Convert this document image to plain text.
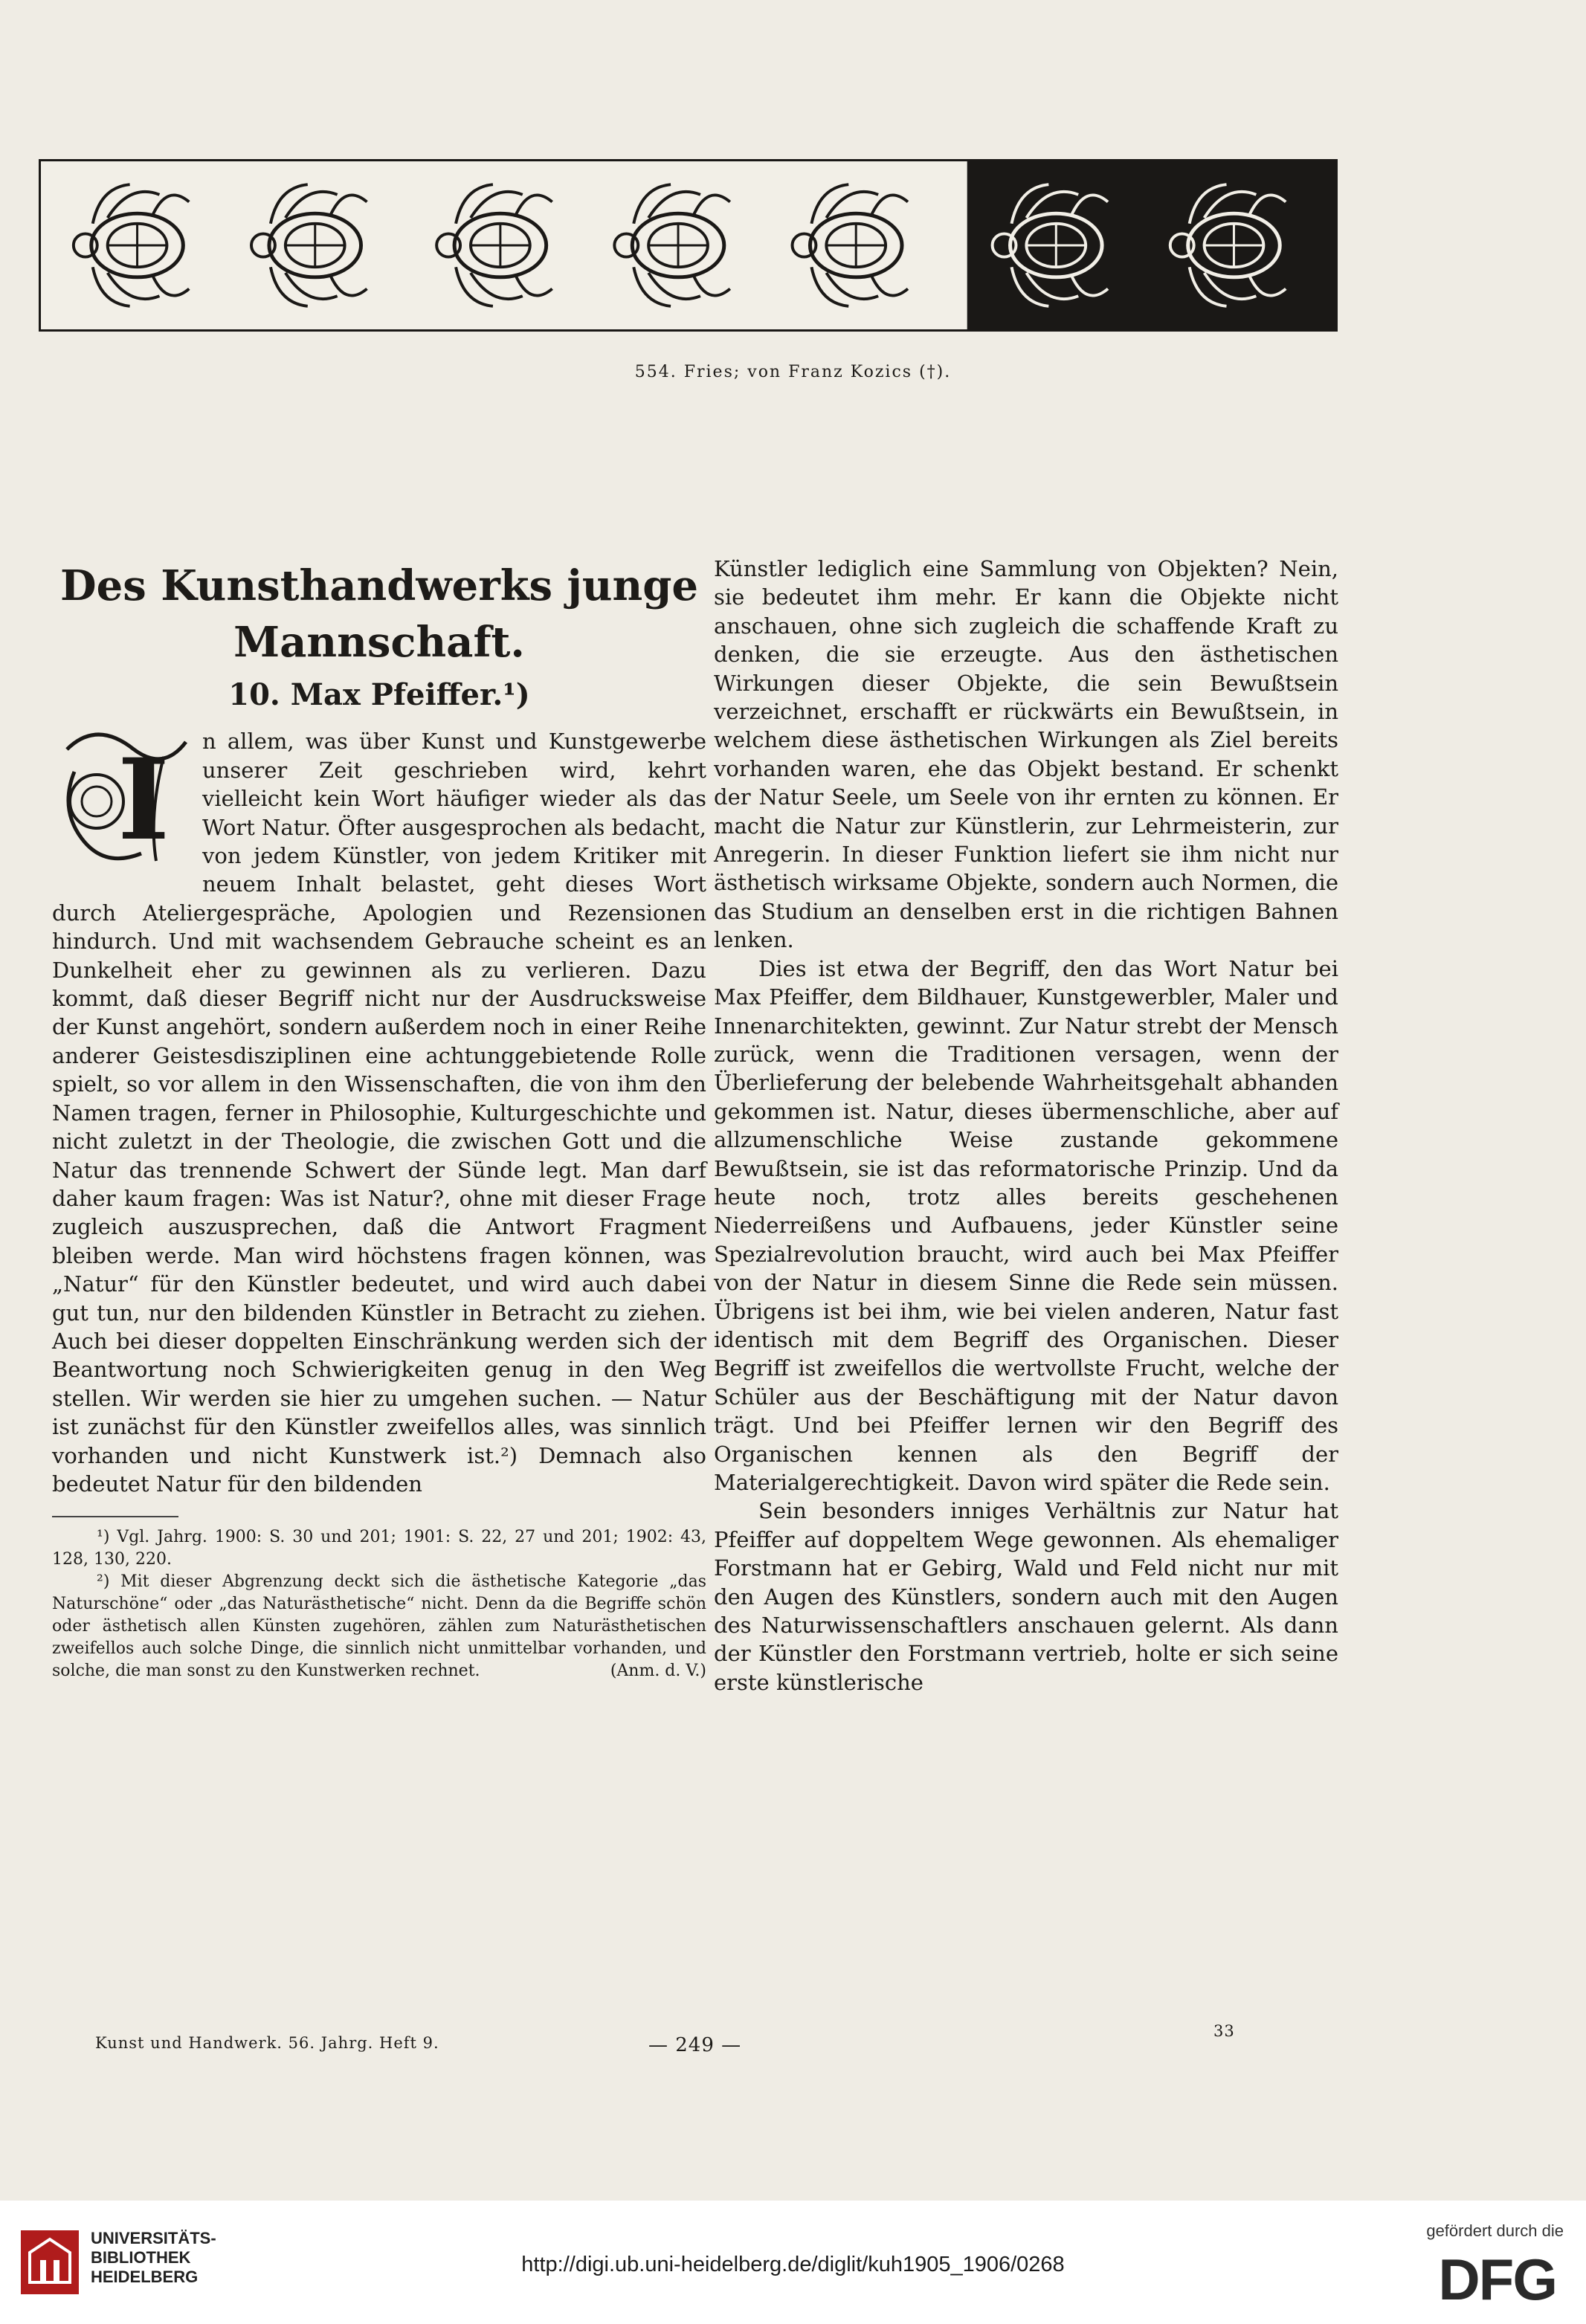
554. Fries; von Franz Kozics (†).
Des Kunsthandwerks junge Mannschaft.
10. Max Pfeiffer.¹)
I	n allem, was über Kunst und Kunstgewerbe unserer Zeit geschrieben wird, kehrt vielleicht kein Wort häufiger wieder als das Wort Natur. Öfter ausgesprochen als bedacht, von jedem Künstler, von jedem Kritiker mit neuem Inhalt belastet, geht dieses Wort durch Ateliergespräche, Apologien und Rezensionen hindurch. Und mit wachsendem Gebrauche scheint es an Dunkelheit eher zu gewinnen als zu verlieren. Dazu kommt, daß dieser Begriff nicht nur der Ausdrucksweise der Kunst angehört, sondern außerdem noch in einer Reihe anderer Geistesdisziplinen eine achtunggebietende Rolle spielt, so vor allem in den Wissenschaften, die von ihm den Namen tragen, ferner in Philosophie, Kulturgeschichte und nicht zuletzt in der Theologie, die zwischen Gott und die Natur das trennende Schwert der Sünde legt. Man darf daher kaum fragen: Was ist Natur?, ohne mit dieser Frage zugleich auszusprechen, daß die Antwort Fragment bleiben werde. Man wird höchstens fragen können, was „Natur“ für den Künstler bedeutet, und wird auch dabei gut tun, nur den bildenden Künstler in Betracht zu ziehen. Auch bei dieser doppelten Einschränkung werden sich der Beantwortung noch Schwierigkeiten genug in den Weg stellen. Wir werden sie hier zu umgehen suchen. — Natur ist zunächst für den Künstler zweifellos alles, was sinnlich vorhanden und nicht Kunstwerk ist.²) Demnach also bedeutet Natur für den bildenden

¹) Vgl. Jahrg. 1900: S. 30 und 201; 1901: S. 22, 27 und 201; 1902: 43, 128, 130, 220.

²) Mit dieser Abgrenzung deckt sich die ästhetische Kategorie „das Naturschöne“ oder „das Naturästhetische“ nicht. Denn da die Begriffe schön oder ästhetisch allen Künsten zugehören, zählen zum Naturästhetischen zweifellos auch solche Dinge, die sinnlich nicht unmittelbar vorhanden, und solche, die man sonst zu den Kunstwerken rechnet.	(Anm. d. V.)

Künstler lediglich eine Sammlung von Objekten? Nein, sie bedeutet ihm mehr. Er kann die Objekte nicht anschauen, ohne sich zugleich die schaffende Kraft zu denken, die sie erzeugte. Aus den ästhetischen Wirkungen dieser Objekte, die sein Bewußtsein verzeichnet, erschafft er rückwärts ein Bewußtsein, in welchem diese ästhetischen Wirkungen als Ziel bereits vorhanden waren, ehe das Objekt bestand. Er schenkt der Natur Seele, um Seele von ihr ernten zu können. Er macht die Natur zur Künstlerin, zur Lehrmeisterin, zur Anregerin. In dieser Funktion liefert sie ihm nicht nur ästhetisch wirksame Objekte, sondern auch Normen, die das Studium an denselben erst in die richtigen Bahnen lenken.

Dies ist etwa der Begriff, den das Wort Natur bei Max Pfeiffer, dem Bildhauer, Kunstgewerbler, Maler und Innenarchitekten, gewinnt. Zur Natur strebt der Mensch zurück, wenn die Traditionen versagen, wenn der Überlieferung der belebende Wahrheitsgehalt abhanden gekommen ist. Natur, dieses übermenschliche, aber auf allzumenschliche Weise zustande gekommene Bewußtsein, sie ist das reformatorische Prinzip. Und da heute noch, trotz alles bereits geschehenen Niederreißens und Aufbauens, jeder Künstler seine Spezialrevolution braucht, wird auch bei Max Pfeiffer von der Natur in diesem Sinne die Rede sein müssen. Übrigens ist bei ihm, wie bei vielen anderen, Natur fast identisch mit dem Begriff des Organischen. Dieser Begriff ist zweifellos die wertvollste Frucht, welche der Schüler aus der Beschäftigung mit der Natur davon trägt. Und bei Pfeiffer lernen wir den Begriff des Organischen kennen als den Begriff der Materialgerechtigkeit. Davon wird später die Rede sein.

Sein besonders inniges Verhältnis zur Natur hat Pfeiffer auf doppeltem Wege gewonnen. Als ehemaliger Forstmann hat er Gebirg, Wald und Feld nicht nur mit den Augen des Künstlers, sondern auch mit den Augen des Naturwissenschaftlers anschauen gelernt. Als dann der Künstler den Forstmann vertrieb, holte er sich seine erste künstlerische

Kunst und Handwerk. 56. Jahrg. Heft 9.	— 249 —
33
UNIVERSITÄTS-
BIBLIOTHEK
HEIDELBERG
http://digi.ub.uni-heidelberg.de/diglit/kuh1905_1906/0268
gefördert durch die
DFG
